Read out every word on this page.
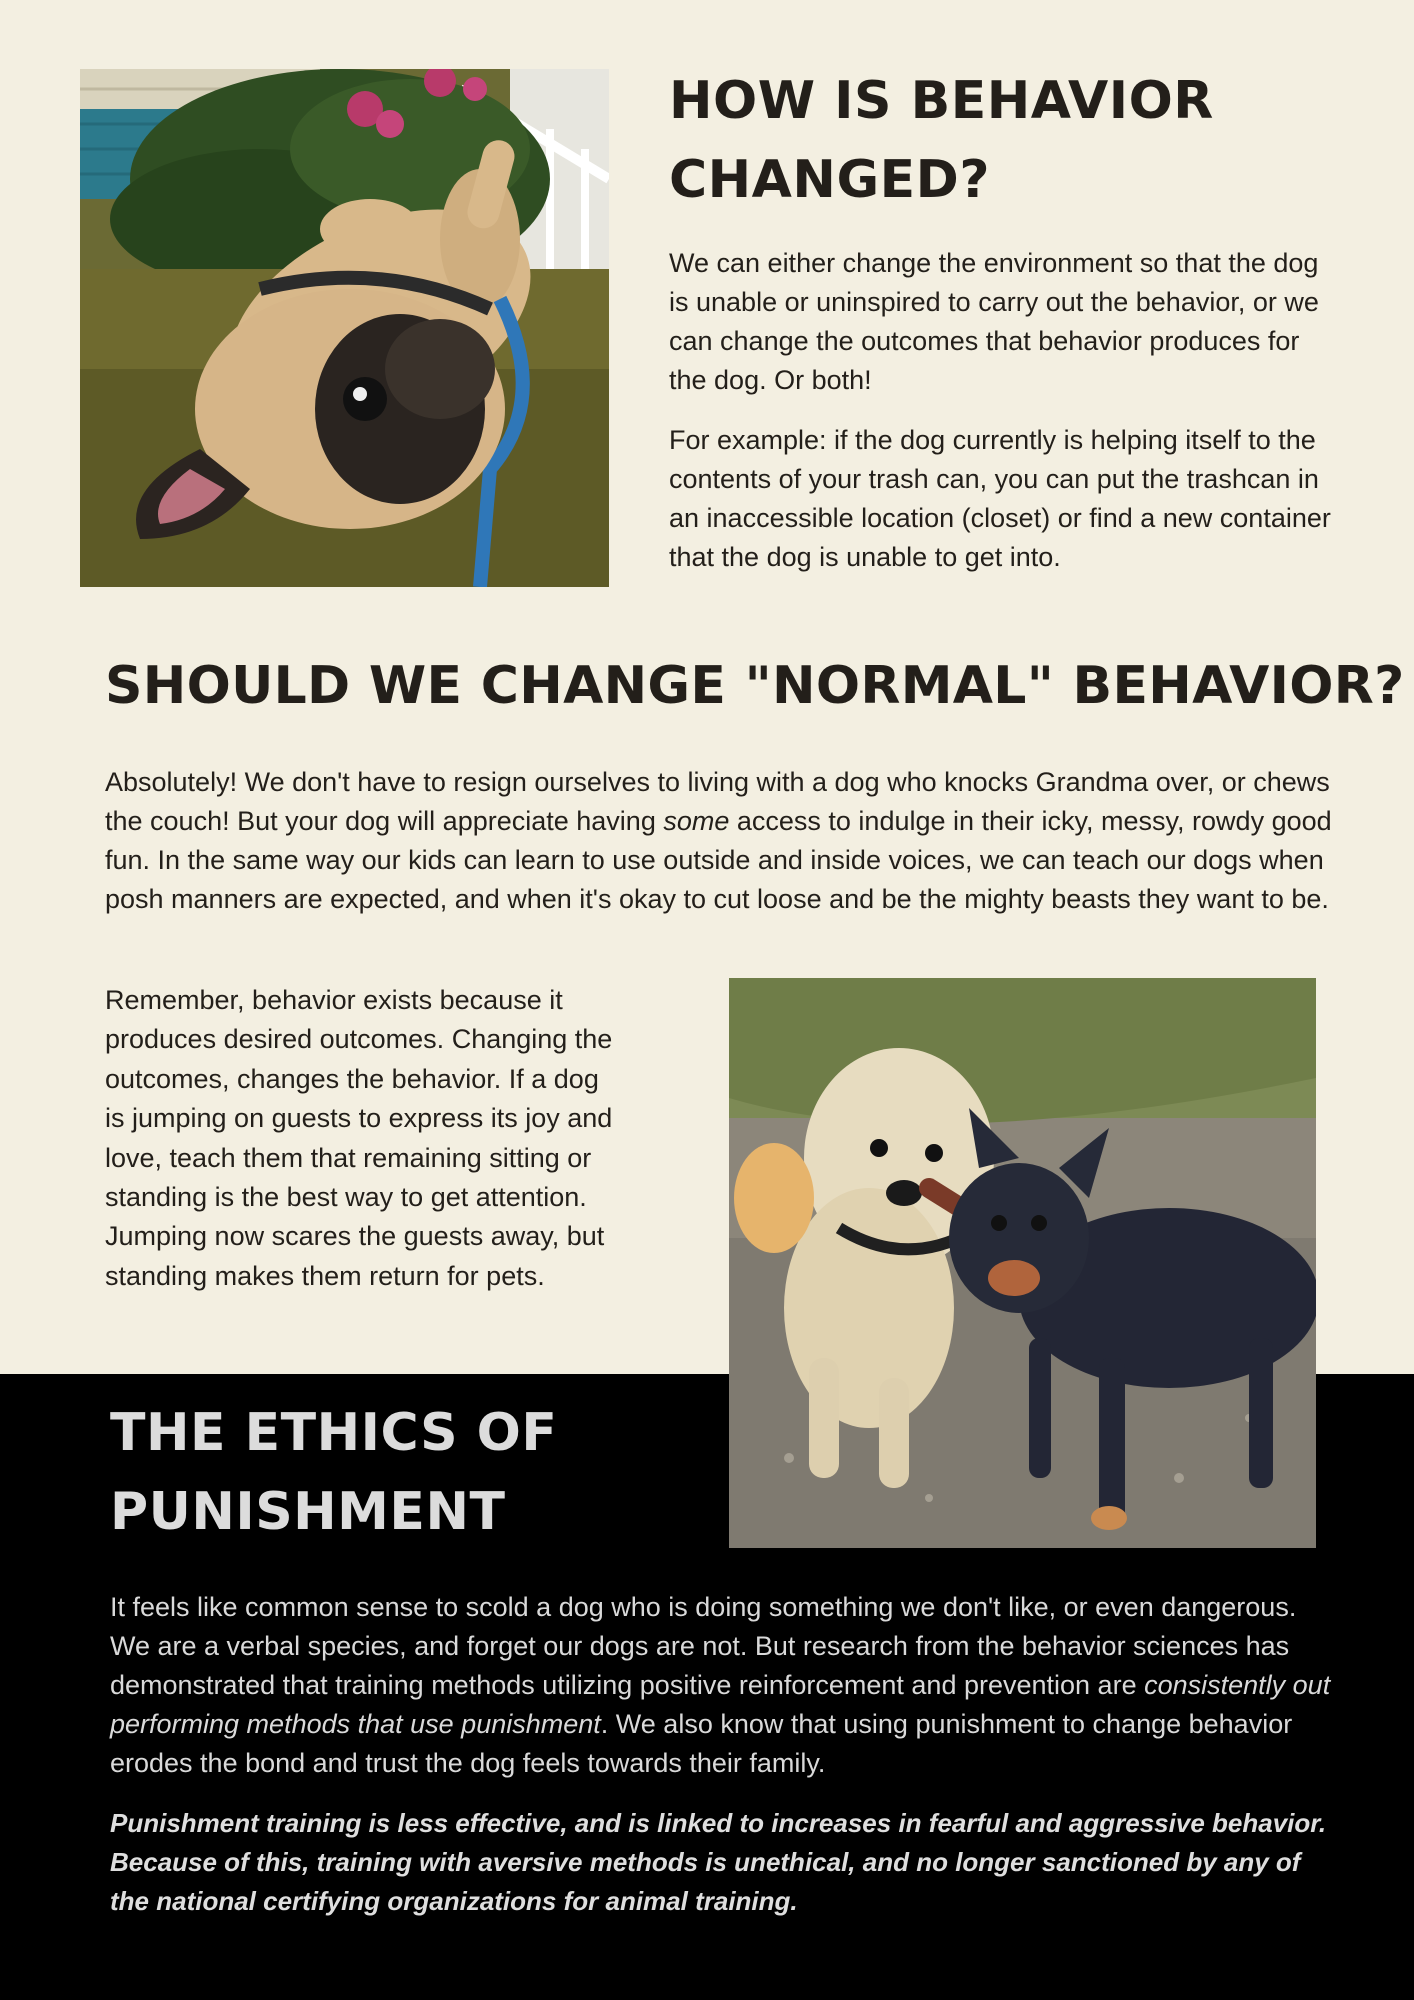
HOW IS BEHAVIOR CHANGED?

We can either change the environment so that the dog is unable or uninspired to carry out the behavior, or we can change the outcomes that behavior produces for the dog. Or both!

For example: if the dog currently is helping itself to the contents of your trash can, you can put the trashcan in an inaccessible location (closet) or find a new container that the dog is unable to get into.

SHOULD WE CHANGE "NORMAL" BEHAVIOR?

Absolutely! We don't have to resign ourselves to living with a dog who knocks Grandma over, or chews the couch! But your dog will appreciate having some access to indulge in their icky, messy, rowdy good fun. In the same way our kids can learn to use outside and inside voices, we can teach our dogs when posh manners are expected, and when it's okay to cut loose and be the mighty beasts they want to be.

Remember, behavior exists because it produces desired outcomes. Changing the outcomes, changes the behavior. If a dog is jumping on guests to express its joy and love, teach them that remaining sitting or standing is the best way to get attention. Jumping now scares the guests away, but standing makes them return for pets.

THE ETHICS OF PUNISHMENT

It feels like common sense to scold a dog who is doing something we don't like, or even dangerous. We are a verbal species, and forget our dogs are not. But research from the behavior sciences has demonstrated that training methods utilizing positive reinforcement and prevention are consistently out performing methods that use punishment. We also know that using punishment to change behavior erodes the bond and trust the dog feels towards their family.

Punishment training is less effective, and is linked to increases in fearful and aggressive behavior. Because of this, training with aversive methods is unethical, and no longer sanctioned by any of the national certifying organizations for animal training.
